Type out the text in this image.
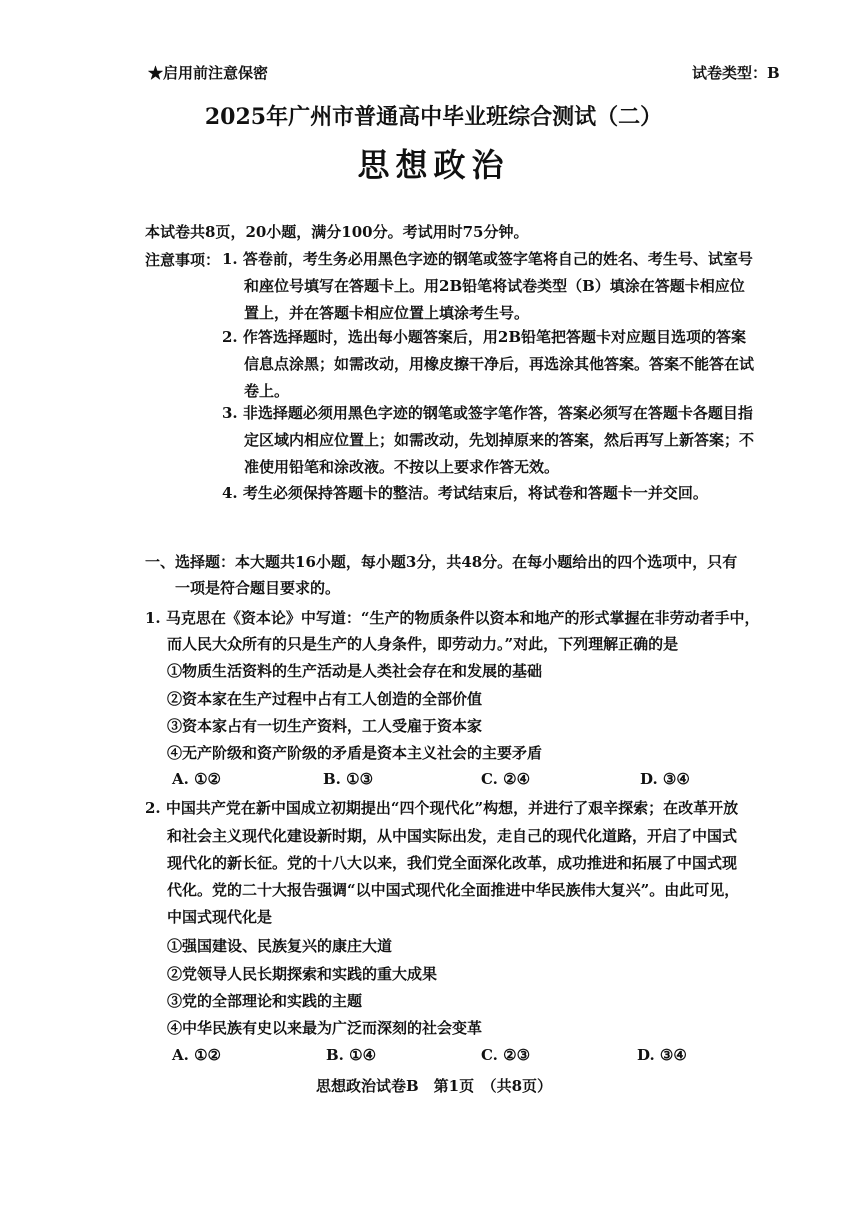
★启用前注意保密	试卷类型：B
2025年广州市普通高中毕业班综合测试（二）
思想政治
本试卷共8页，20小题，满分100分。考试用时75分钟。
注意事项： 1. 答卷前，考生务必用黑色字迹的钢笔或签字笔将自己的姓名、考生号、试室号
和座位号填写在答题卡上。用2B铅笔将试卷类型（B）填涂在答题卡相应位
置上，并在答题卡相应位置上填涂考生号。
2. 作答选择题时，选出每小题答案后，用2B铅笔把答题卡对应题目选项的答案
信息点涂黑；如需改动，用橡皮擦干净后，再选涂其他答案。答案不能答在试
卷上。
3. 非选择题必须用黑色字迹的钢笔或签字笔作答，答案必须写在答题卡各题目指
定区域内相应位置上；如需改动，先划掉原来的答案，然后再写上新答案；不
准使用铅笔和涂改液。不按以上要求作答无效。
4. 考生必须保持答题卡的整洁。考试结束后，将试卷和答题卡一并交回。
一、选择题：本大题共16小题，每小题3分，共48分。在每小题给出的四个选项中，只有
一项是符合题目要求的。
1. 马克思在《资本论》中写道：“生产的物质条件以资本和地产的形式掌握在非劳动者手中，
而人民大众所有的只是生产的人身条件，即劳动力。”对此，下列理解正确的是
①物质生活资料的生产活动是人类社会存在和发展的基础
②资本家在生产过程中占有工人创造的全部价值
③资本家占有一切生产资料，工人受雇于资本家
④无产阶级和资产阶级的矛盾是资本主义社会的主要矛盾
A. ①②	B. ①③	C. ②④	D. ③④
2. 中国共产党在新中国成立初期提出“四个现代化”构想，并进行了艰辛探索；在改革开放
和社会主义现代化建设新时期，从中国实际出发，走自己的现代化道路，开启了中国式
现代化的新长征。党的十八大以来，我们党全面深化改革，成功推进和拓展了中国式现
代化。党的二十大报告强调“以中国式现代化全面推进中华民族伟大复兴”。由此可见，
中国式现代化是
①强国建设、民族复兴的康庄大道
②党领导人民长期探索和实践的重大成果
③党的全部理论和实践的主题
④中华民族有史以来最为广泛而深刻的社会变革
A. ①②	B. ①④	C. ②③	D. ③④
思想政治试卷B　第1页　（共8页）
